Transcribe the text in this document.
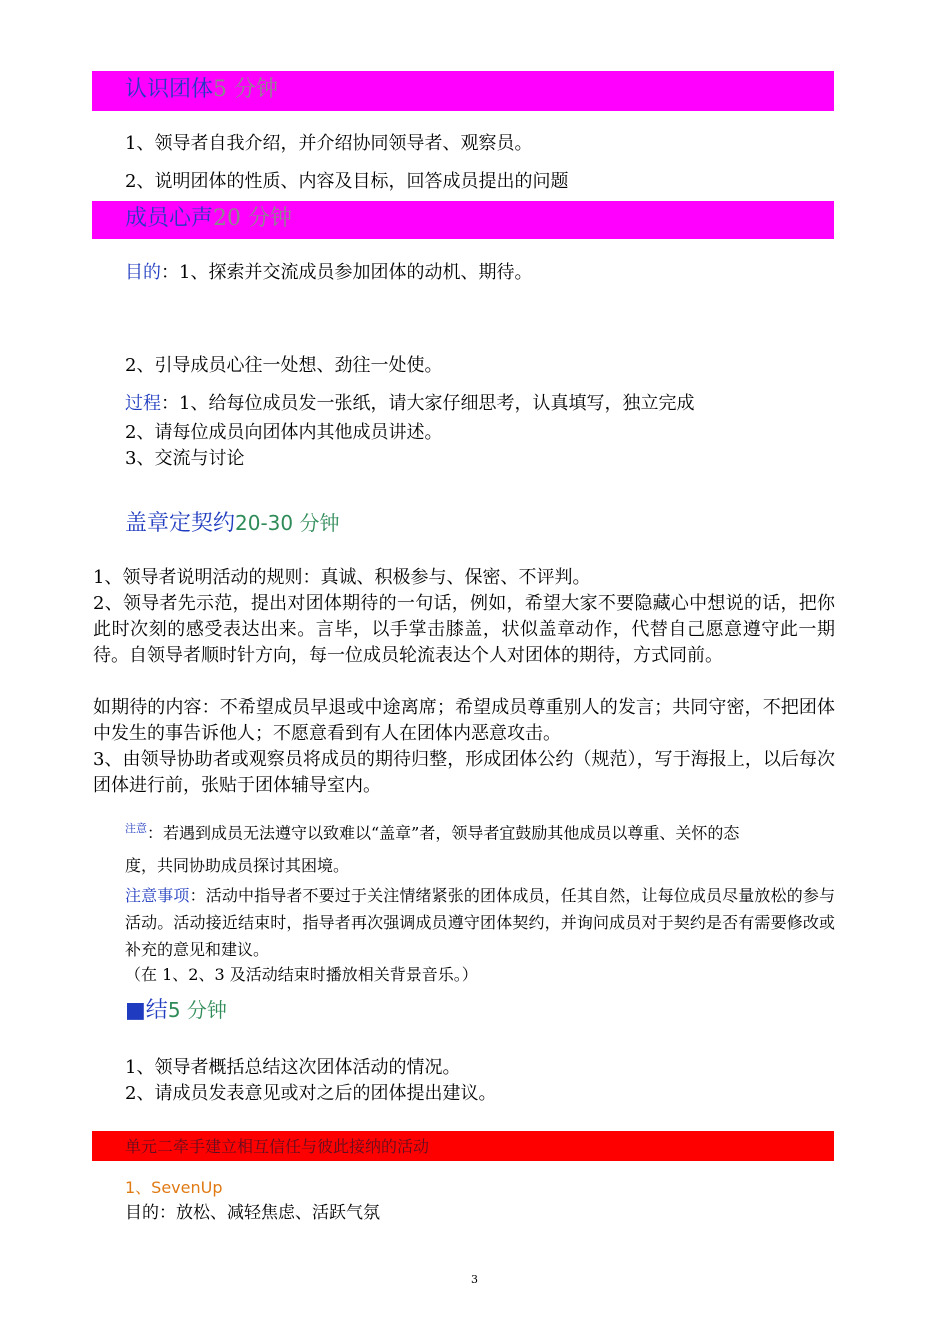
认识团体5 分钟
1、领导者自我介绍，并介绍协同领导者、观察员。
2、说明团体的性质、内容及目标，回答成员提出的问题
成员心声20 分钟
目的：1、探索并交流成员参加团体的动机、期待。
2、引导成员心往一处想、劲往一处使。
过程：1、给每位成员发一张纸，请大家仔细思考，认真填写，独立完成
2、请每位成员向团体内其他成员讲述。
3、交流与讨论
盖章定契约20-30 分钟
1、领导者说明活动的规则：真诚、积极参与、保密、不评判。
2、领导者先示范，提出对团体期待的一句话，例如，希望大家不要隐藏心中想说的话，把你此时次刻的感受表达出来。言毕，以手掌击膝盖，状似盖章动作，代替自己愿意遵守此一期待。自领导者顺时针方向，每一位成员轮流表达个人对团体的期待，方式同前。
如期待的内容：不希望成员早退或中途离席；希望成员尊重别人的发言；共同守密，不把团体中发生的事告诉他人；不愿意看到有人在团体内恶意攻击。
3、由领导协助者或观察员将成员的期待归整，形成团体公约（规范），写于海报上，以后每次团体进行前，张贴于团体辅导室内。
$^{注意}$：若遇到成员无法遵守以致难以“盖章”者，领导者宜鼓励其他成员以尊重、关怀的态
度，共同协助成员探讨其困境。
注意事项：活动中指导者不要过于关注情绪紧张的团体成员，任其自然，让每位成员尽量放松的参与活动。活动接近结束时，指导者再次强调成员遵守团体契约，并询问成员对于契约是否有需要修改或补充的意见和建议。
（在 1、2、3 及活动结束时播放相关背景音乐。）
■结5 分钟
1、领导者概括总结这次团体活动的情况。
2、请成员发表意见或对之后的团体提出建议。
单元二牵手建立相互信任与彼此接纳的活动
1、SevenUp
目的：放松、减轻焦虑、活跃气氛
3
